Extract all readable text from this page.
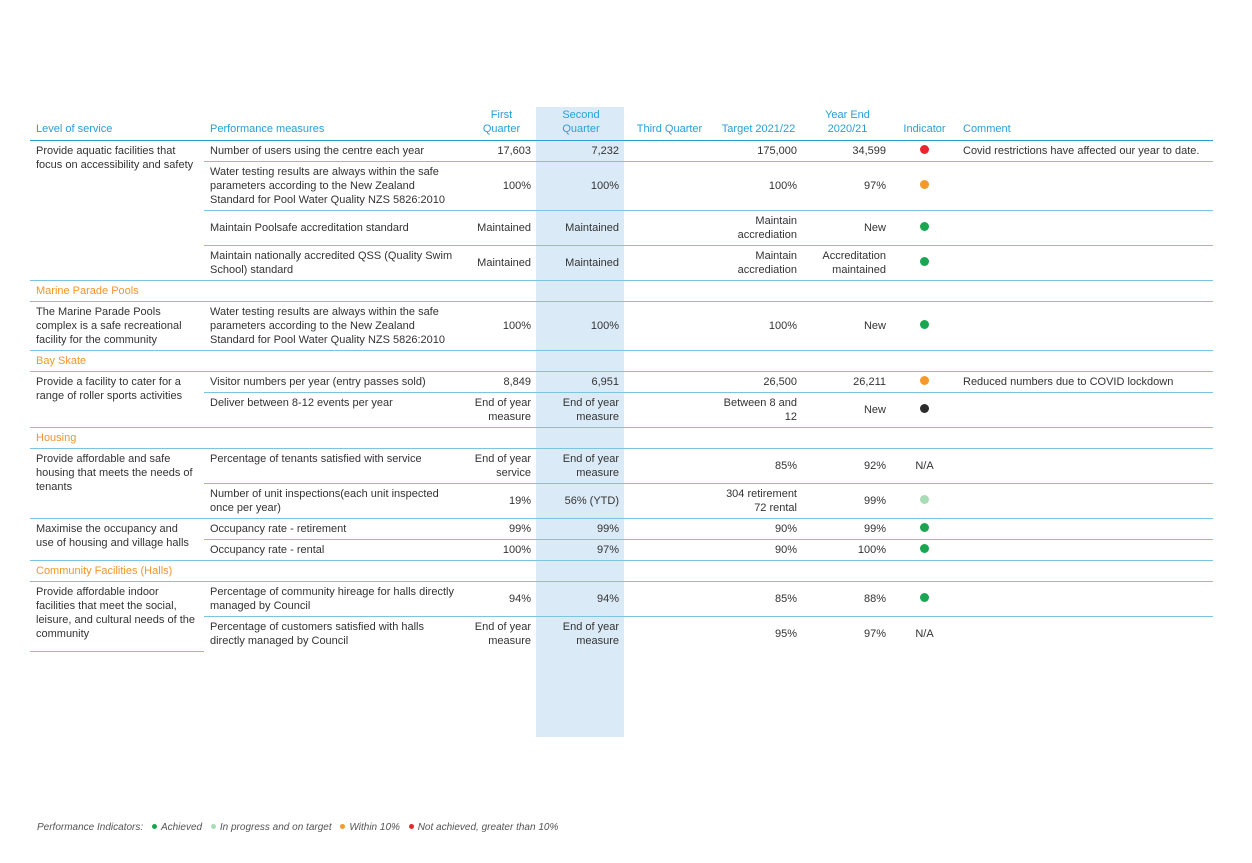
Level of service	Performance measures	First Quarter	Second Quarter	Third Quarter	Target 2021/22	Year End 2020/21	Indicator	Comment
Provide aquatic facilities that focus on accessibility and safety	Number of users using the centre each year	17,603	7,232		175,000	34,599		Covid restrictions have affected our year to date.
	Water testing results are always within the safe parameters according to the New Zealand Standard for Pool Water Quality NZS 5826:2010	100%	100%		100%	97%		
	Maintain Poolsafe accreditation standard	Maintained	Maintained		Maintain accrediation	New		
	Maintain nationally accredited QSS (Quality Swim School) standard	Maintained	Maintained		Maintain accrediation	Accreditation maintained		
Marine Parade Pools								
The Marine Parade Pools complex is a safe recreational facility for the community	Water testing results are always within the safe parameters according to the New Zealand Standard for Pool Water Quality NZS 5826:2010	100%	100%		100%	New		
Bay Skate								
Provide a facility to cater for a range of roller sports activities	Visitor numbers per year (entry passes sold)	8,849	6,951		26,500	26,211		Reduced numbers due to COVID lockdown
	Deliver between 8-12 events per year	End of year measure	End of year measure		Between 8 and 12	New		
Housing								
Provide affordable and safe housing that meets the needs of tenants	Percentage of tenants satisfied with service	End of year service	End of year measure		85%	92%	N/A	
	Number of unit inspections(each unit inspected once per year)	19%	56% (YTD)		304 retirement 72 rental	99%		
Maximise the occupancy and use of housing and village halls	Occupancy rate - retirement	99%	99%		90%	99%		
	Occupancy rate - rental	100%	97%		90%	100%		
Community Facilities (Halls)								
Provide affordable indoor facilities that meet the social, leisure, and cultural needs of the community	Percentage of community hireage for halls directly managed by Council	94%	94%		85%	88%		
	Percentage of customers satisfied with halls directly managed by Council	End of year measure	End of year measure		95%	97%	N/A	
Performance Indicators: Achieved In progress and on target Within 10% Not achieved, greater than 10%
